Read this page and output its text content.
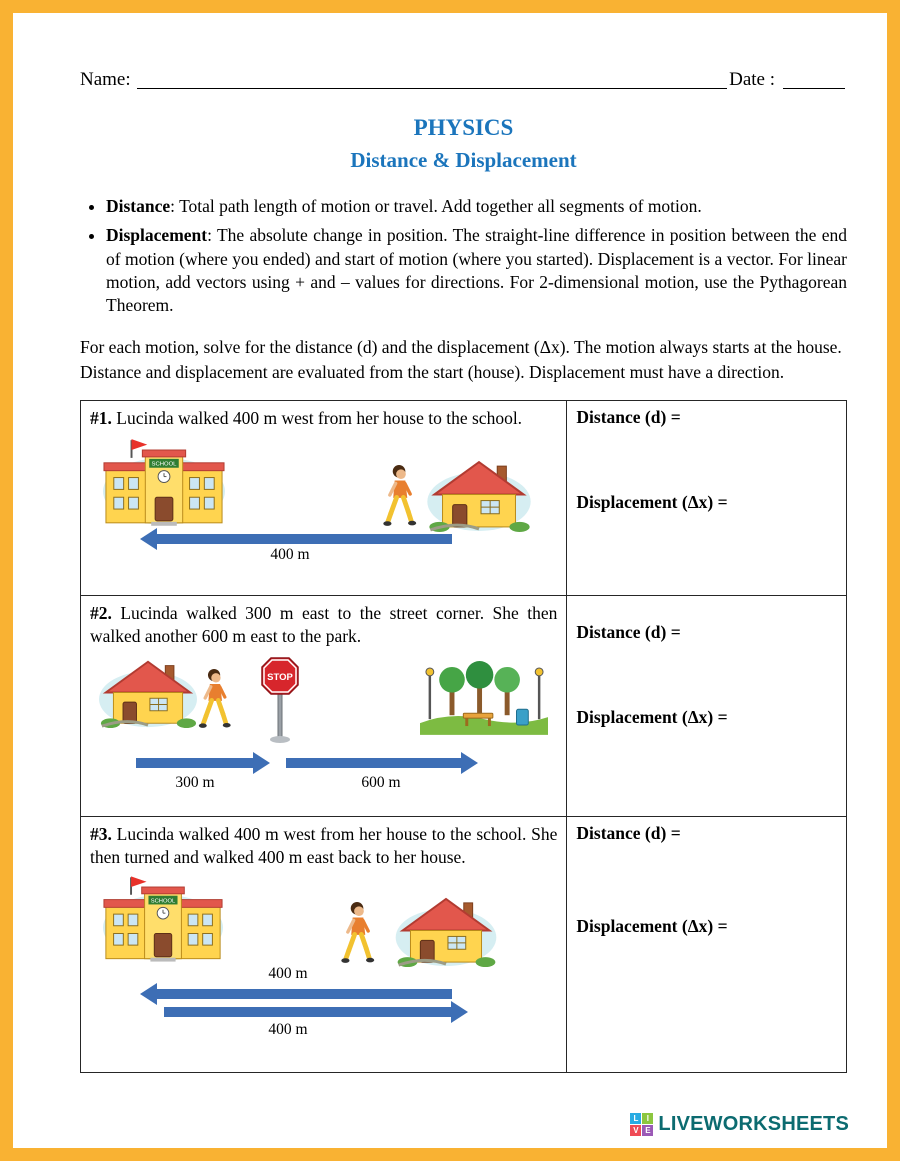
Name:	Date :
PHYSICS
Distance & Displacement
• Distance: Total path length of motion or travel. Add together all segments of motion.
• Displacement: The absolute change in position. The straight-line difference in position between the end of motion (where you ended) and start of motion (where you started). Displacement is a vector. For linear motion, add vectors using + and – values for directions. For 2-dimensional motion, use the Pythagorean Theorem.

For each motion, solve for the distance (d) and the displacement (Δx). The motion always starts at the house. Distance and displacement are evaluated from the start (house). Displacement must have a direction.

#1. Lucinda walked 400 m west from her house to the school.
400 m

Distance (d) =
Displacement (Δx) =

#2. Lucinda walked 300 m east to the street corner. She then walked another 600 m east to the park.
300 m	600 m

Distance (d) =
Displacement (Δx) =

#3. Lucinda walked 400 m west from her house to the school. She then turned and walked 400 m east back to her house.
400 m
400 m

Distance (d) =
Displacement (Δx) =
L	I
V E LIVEWORKSHEETS
